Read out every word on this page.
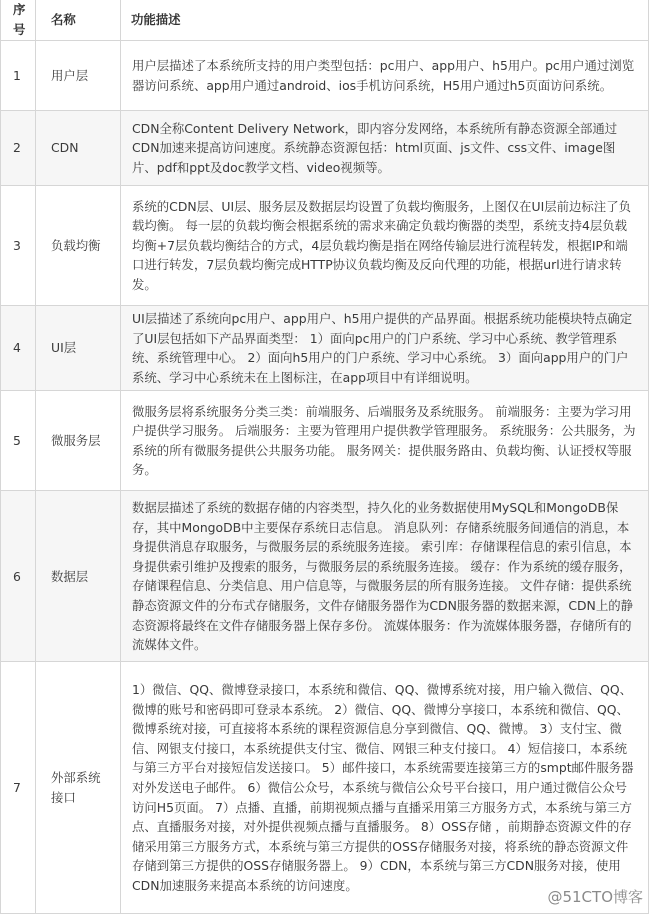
序号	名称	功能描述
1	用户层	用户层描述了本系统所支持的用户类型包括：pc用户、app用户、h5用户。pc用户通过浏览器访问系统、app用户通过android、ios手机访问系统，H5用户通过h5页面访问系统。
2	CDN	CDN全称Content Delivery Network，即内容分发网络，本系统所有静态资源全部通过CDN加速来提高访问速度。系统静态资源包括：html页面、js文件、css文件、image图片、pdf和ppt及doc教学文档、video视频等。
3	负载均衡	系统的CDN层、UI层、服务层及数据层均设置了负载均衡服务，上图仅在UI层前边标注了负载均衡。 每一层的负载均衡会根据系统的需求来确定负载均衡器的类型，系统支持4层负载均衡+7层负载均衡结合的方式，4层负载均衡是指在网络传输层进行流程转发，根据IP和端口进行转发，7层负载均衡完成HTTP协议负载均衡及反向代理的功能，根据url进行请求转发。
4	UI层	UI层描述了系统向pc用户、app用户、h5用户提供的产品界面。根据系统功能模块特点确定了UI层包括如下产品界面类型： 1）面向pc用户的门户系统、学习中心系统、教学管理系统、系统管理中心。 2）面向h5用户的门户系统、学习中心系统。 3）面向app用户的门户系统、学习中心系统未在上图标注，在app项目中有详细说明。
5	微服务层	微服务层将系统服务分类三类：前端服务、后端服务及系统服务。 前端服务：主要为学习用户提供学习服务。 后端服务：主要为管理用户提供教学管理服务。 系统服务：公共服务，为系统的所有微服务提供公共服务功能。 服务网关：提供服务路由、负载均衡、认证授权等服务。
6	数据层	数据层描述了系统的数据存储的内容类型，持久化的业务数据使用MySQL和MongoDB保存，其中MongoDB中主要保存系统日志信息。 消息队列：存储系统服务间通信的消息，本身提供消息存取服务，与微服务层的系统服务连接。 索引库：存储课程信息的索引信息，本身提供索引维护及搜索的服务，与微服务层的系统服务连接。 缓存：作为系统的缓存服务，存储课程信息、分类信息、用户信息等，与微服务层的所有服务连接。 文件存储：提供系统静态资源文件的分布式存储服务，文件存储服务器作为CDN服务器的数据来源，CDN上的静态资源将最终在文件存储服务器上保存多份。 流媒体服务：作为流媒体服务器，存储所有的流媒体文件。
7	外部系统接口	1）微信、QQ、微博登录接口，本系统和微信、QQ、微博系统对接，用户输入微信、QQ、微博的账号和密码即可登录本系统。 2）微信、QQ、微博分享接口，本系统和微信、QQ、微博系统对接，可直接将本系统的课程资源信息分享到微信、QQ、微博。 3）支付宝、微信、网银支付接口，本系统提供支付宝、微信、网银三种支付接口。 4）短信接口，本系统与第三方平台对接短信发送接口。 5）邮件接口，本系统需要连接第三方的smpt邮件服务器对外发送电子邮件。 6）微信公众号，本系统与微信公众号平台接口，用户通过微信公众号访问H5页面。 7）点播、直播，前期视频点播与直播采用第三方服务方式，本系统与第三方点、直播服务对接，对外提供视频点播与直播服务。 8）OSS存储 ，前期静态资源文件的存储采用第三方服务方式，本系统与第三方提供的OSS存储服务对接，将系统的静态资源文件存储到第三方提供的OSS存储服务器上。 9）CDN，本系统与第三方CDN服务对接，使用CDN加速服务来提高本系统的访问速度。
@51CTO博客
